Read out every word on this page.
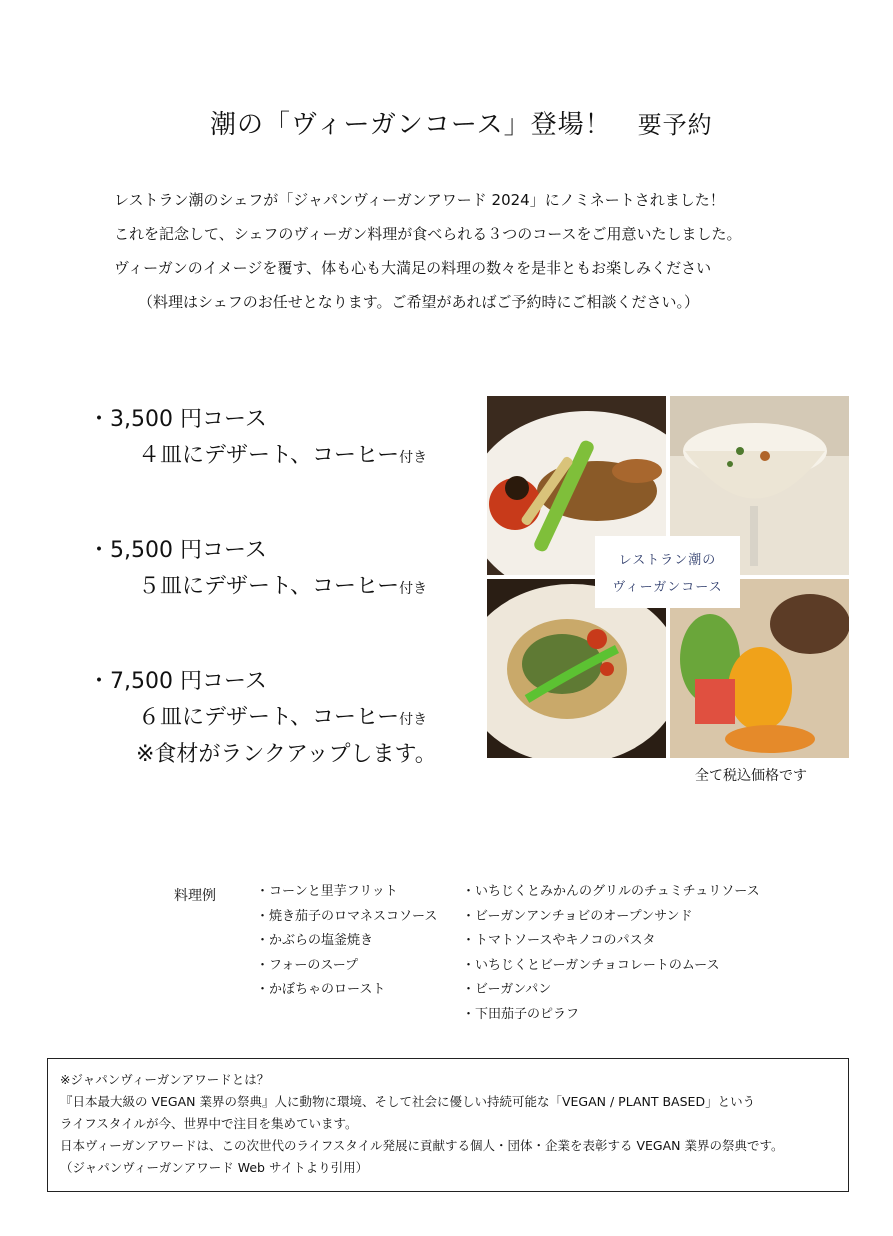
潮の「ヴィーガンコース」登場！ 要予約

レストラン潮のシェフが「ジャパンヴィーガンアワード 2024」にノミネートされました！

これを記念して、シェフのヴィーガン料理が食べられる３つのコースをご用意いたしました。

ヴィーガンのイメージを覆す、体も心も大満足の料理の数々を是非ともお楽しみください

（料理はシェフのお任せとなります。ご希望があればご予約時にご相談ください。）

・3,500 円コース
４皿にデザート、コーヒー付き
・5,500 円コース
５皿にデザート、コーヒー付き
・7,500 円コース
６皿にデザート、コーヒー付き
※食材がランクアップします。
レストラン潮の
ヴィーガンコース
全て税込価格です
料理例	・コーンと里芋フリット
・焼き茄子のロマネスコソース
・かぶらの塩釜焼き
・フォーのスープ
・かぼちゃのロースト
・いちじくとみかんのグリルのチュミチュリソース
・ビーガンアンチョビのオープンサンド
・トマトソースやキノコのパスタ
・いちじくとビーガンチョコレートのムース
・ビーガンパン
・下田茄子のピラフ
※ジャパンヴィーガンアワードとは？
『日本最大級の VEGAN 業界の祭典』人に動物に環境、そして社会に優しい持続可能な「VEGAN / PLANT BASED」という
ライフスタイルが今、世界中で注目を集めています。
日本ヴィーガンアワードは、この次世代のライフスタイル発展に貢献する個人・団体・企業を表彰する VEGAN 業界の祭典です。
（ジャパンヴィーガンアワード Web サイトより引用）
